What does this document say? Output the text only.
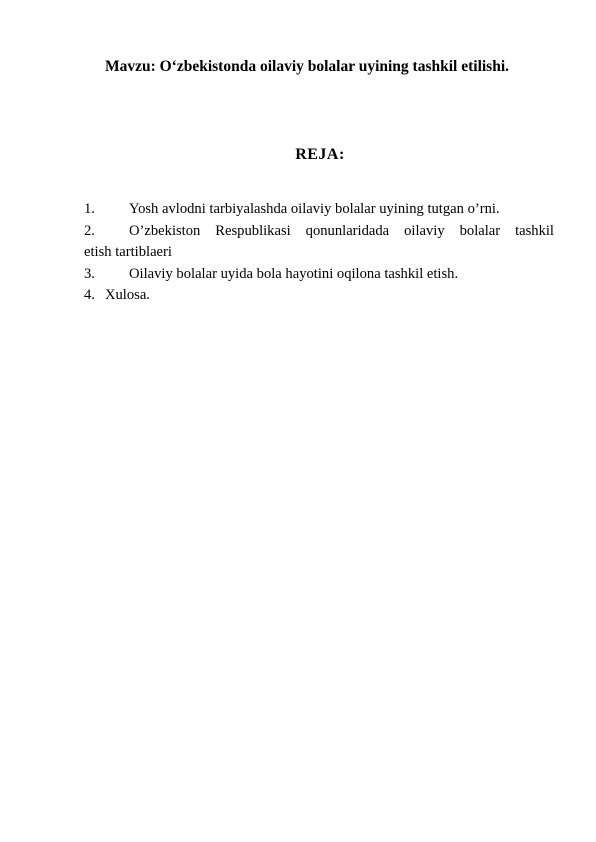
Mavzu: O‘zbekistonda oilaviy bolalar uyining tashkil etilishi.
REJA:
1.	Yosh avlodni tarbiyalashda oilaviy bolalar uyining tutgan o’rni.
2.	O’zbekiston Respublikasi qonunlaridada oilaviy bolalar tashkil
etish tartiblaeri
3.	Oilaviy bolalar uyida bola hayotini oqilona tashkil etish.
4. Xulosa.
